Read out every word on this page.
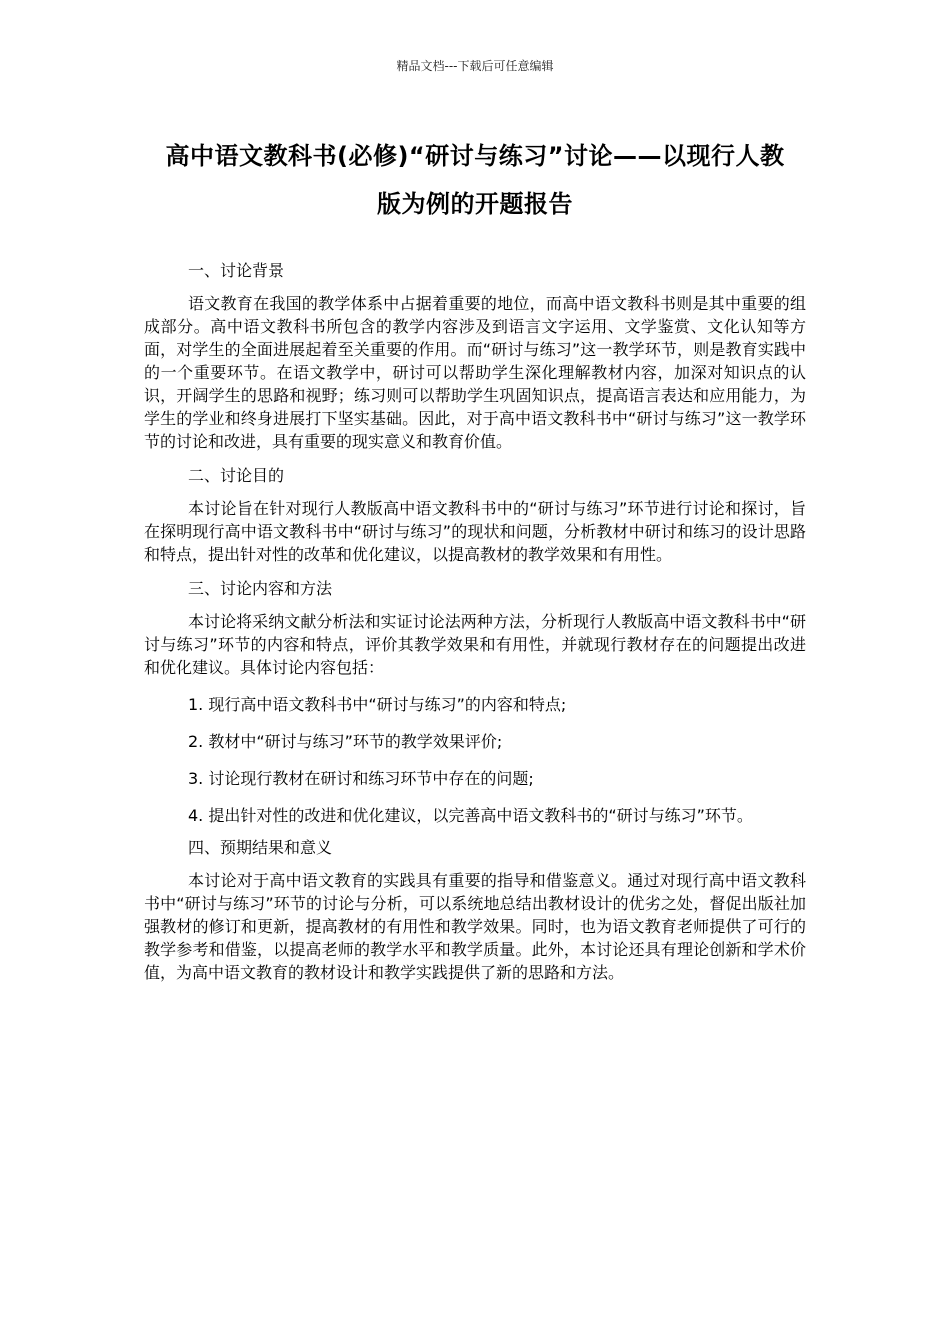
精品文档---下载后可任意编辑
高中语文教科书(必修)“研讨与练习”讨论——以现行人教
版为例的开题报告

一、讨论背景

语文教育在我国的教学体系中占据着重要的地位，而高中语文教科书则是其中重要的组成部分。高中语文教科书所包含的教学内容涉及到语言文字运用、文学鉴赏、文化认知等方面，对学生的全面进展起着至关重要的作用。而“研讨与练习”这一教学环节，则是教育实践中的一个重要环节。在语文教学中，研讨可以帮助学生深化理解教材内容，加深对知识点的认识，开阔学生的思路和视野；练习则可以帮助学生巩固知识点，提高语言表达和应用能力，为学生的学业和终身进展打下坚实基础。因此，对于高中语文教科书中“研讨与练习”这一教学环节的讨论和改进，具有重要的现实意义和教育价值。

二、讨论目的

本讨论旨在针对现行人教版高中语文教科书中的“研讨与练习”环节进行讨论和探讨，旨在探明现行高中语文教科书中“研讨与练习”的现状和问题，分析教材中研讨和练习的设计思路和特点，提出针对性的改革和优化建议，以提高教材的教学效果和有用性。

三、讨论内容和方法

本讨论将采纳文献分析法和实证讨论法两种方法，分析现行人教版高中语文教科书中“研讨与练习”环节的内容和特点，评价其教学效果和有用性，并就现行教材存在的问题提出改进和优化建议。具体讨论内容包括：

1. 现行高中语文教科书中“研讨与练习”的内容和特点;

2. 教材中“研讨与练习”环节的教学效果评价;

3. 讨论现行教材在研讨和练习环节中存在的问题;

4. 提出针对性的改进和优化建议，以完善高中语文教科书的“研讨与练习”环节。

四、预期结果和意义

本讨论对于高中语文教育的实践具有重要的指导和借鉴意义。通过对现行高中语文教科书中“研讨与练习”环节的讨论与分析，可以系统地总结出教材设计的优劣之处，督促出版社加强教材的修订和更新，提高教材的有用性和教学效果。同时，也为语文教育老师提供了可行的教学参考和借鉴，以提高老师的教学水平和教学质量。此外，本讨论还具有理论创新和学术价值，为高中语文教育的教材设计和教学实践提供了新的思路和方法。
